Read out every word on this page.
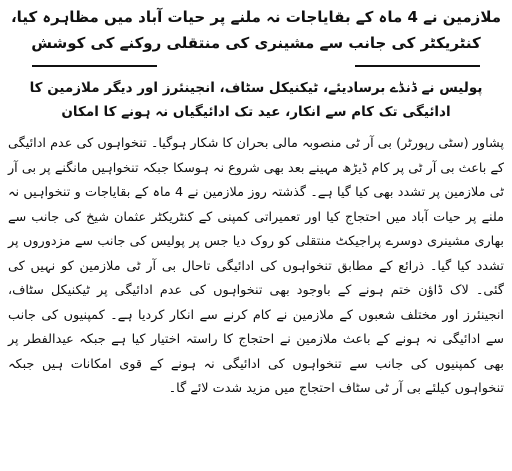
ملازمین نے 4 ماہ کے بقایاجات نہ ملنے پر حیات آباد میں مظاہرہ کیا، کنٹریکٹر کی جانب سے مشینری کی منتقلی روکنے کی کوشش
پولیس نے ڈنڈے برسادیئے، ٹیکنیکل سٹاف، انجینئرز اور دیگر ملازمین کا ادائیگی تک کام سے انکار، عید تک ادائیگیاں نہ ہونے کا امکان

پشاور (سٹی رپورٹر) بی آر ٹی منصوبہ مالی بحران کا شکار ہوگیا۔ تنخواہوں کی عدم ادائیگی کے باعث بی آر ٹی پر کام ڈیڑھ مہینے بعد بھی شروع نہ ہوسکا جبکہ تنخواہیں مانگنے پر بی آر ٹی ملازمین پر تشدد بھی کیا گیا ہے۔ گذشتہ روز ملازمین نے 4 ماہ کے بقایاجات و تنخواہیں نہ ملنے پر حیات آباد میں احتجاج کیا اور تعمیراتی کمپنی کے کنٹریکٹر عثمان شیخ کی جانب سے بھاری مشینری دوسرے پراجیکٹ منتقلی کو روک دیا جس پر پولیس کی جانب سے مزدوروں پر تشدد کیا گیا۔ ذرائع کے مطابق تنخواہوں کی ادائیگی تاحال بی آر ٹی ملازمین کو نہیں کی گئی۔ لاک ڈاؤن ختم ہونے کے باوجود بھی تنخواہوں کی عدم ادائیگی پر ٹیکنیکل سٹاف، انجینئرز اور مختلف شعبوں کے ملازمین نے کام کرنے سے انکار کردیا ہے۔ کمپنیوں کی جانب سے ادائیگی نہ ہونے کے باعث ملازمین نے احتجاج کا راستہ اختیار کیا ہے جبکہ عیدالفطر پر بھی کمپنیوں کی جانب سے تنخواہوں کی ادائیگی نہ ہونے کے قوی امکانات ہیں جبکہ تنخواہوں کیلئے بی آر ٹی سٹاف احتجاج میں مزید شدت لائے گا۔
